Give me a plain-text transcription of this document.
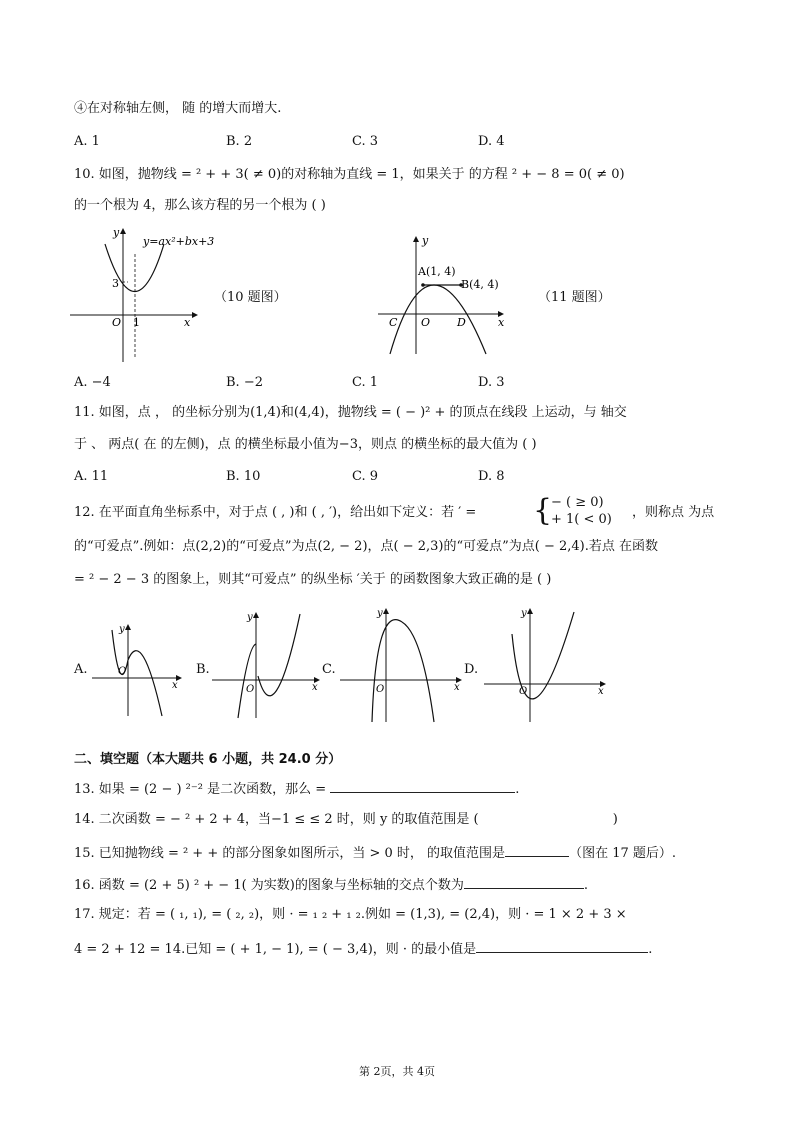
④在对称轴左侧， 随 的增大而增大.
A. 1	B. 2	C. 3	D. 4
10. 如图，抛物线 = ² + + 3( ≠ 0)的对称轴为直线 = 1，如果关于 的方程 ² + − 8 = 0( ≠ 0)
的一个根为 4，那么该方程的另一个根为 ( )
y
y=ax²+bx+3
3
O 1	x
（10 题图）
y
A(1, 4)
B(4, 4)
C O D	x
（11 题图）
A. −4	B. −2	C. 1	D. 3
11. 如图，点 ， 的坐标分别为(1,4)和(4,4)，抛物线 = ( − )² + 的顶点在线段 上运动，与 轴交
于 、 两点( 在 的左侧)，点 的横坐标最小值为−3，则点 的横坐标的最大值为 ( )
A. 11	B. 10	C. 9	D. 8
12. 在平面直角坐标系中，对于点 ( , )和 ( , ′)，给出如下定义：若 ′ = {
− ( ≥ 0)
+ 1( < 0) ，则称点 为点
的“可爱点”.例如：点(2,2)的“可爱点”为点(2, − 2)，点( − 2,3)的“可爱点”为点( − 2,4).若点 在函数
= ² − 2 − 3 的图象上，则其“可爱点” 的纵坐标 ′关于 的函数图象大致正确的是 ( )
A.
y
O
x
B.
y
O	x
C.
y
O	x
D.
y
O	x
二、填空题（本大题共 6 小题，共 24.0 分）
13. 如果 = (2 − ) ²⁻² 是二次函数，那么 =	.
14. 二次函数 = − ² + 2 + 4，当−1 ≤ ≤ 2 时，则 y 的取值范围是 (	)
15. 已知抛物线 = ² + + 的部分图象如图所示，当 > 0 时， 的取值范围是	（图在 17 题后）.
16. 函数 = (2 + 5) ² + − 1( 为实数)的图象与坐标轴的交点个数为	.
17. 规定：若 = ( ₁, ₁), = ( ₂, ₂)，则 · = ₁ ₂ + ₁ ₂.例如 = (1,3), = (2,4)，则 · = 1 × 2 + 3 ×
4 = 2 + 12 = 14.已知 = ( + 1, − 1), = ( − 3,4)，则 · 的最小值是	.
第 2页，共 4页
